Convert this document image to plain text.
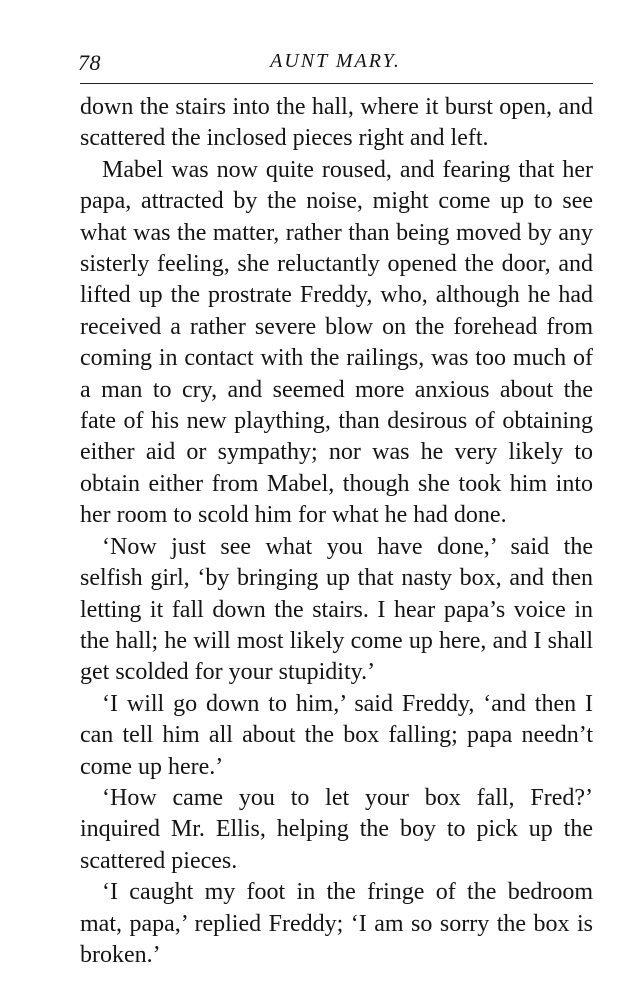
78	AUNT MARY.

down the stairs into the hall, where it burst open, and scattered the inclosed pieces right and left.

Mabel was now quite roused, and fearing that her papa, attracted by the noise, might come up to see what was the matter, rather than being moved by any sisterly feeling, she reluctantly opened the door, and lifted up the prostrate Freddy, who, although he had received a rather severe blow on the forehead from coming in contact with the railings, was too much of a man to cry, and seemed more anxious about the fate of his new plaything, than desirous of obtaining either aid or sympathy; nor was he very likely to obtain either from Mabel, though she took him into her room to scold him for what he had done.

‘Now just see what you have done,’ said the selfish girl, ‘by bringing up that nasty box, and then letting it fall down the stairs. I hear papa’s voice in the hall; he will most likely come up here, and I shall get scolded for your stupidity.’

‘I will go down to him,’ said Freddy, ‘and then I can tell him all about the box falling; papa needn’t come up here.’

‘How came you to let your box fall, Fred?’ inquired Mr. Ellis, helping the boy to pick up the scattered pieces.

‘I caught my foot in the fringe of the bedroom mat, papa,’ replied Freddy; ‘I am so sorry the box is broken.’
